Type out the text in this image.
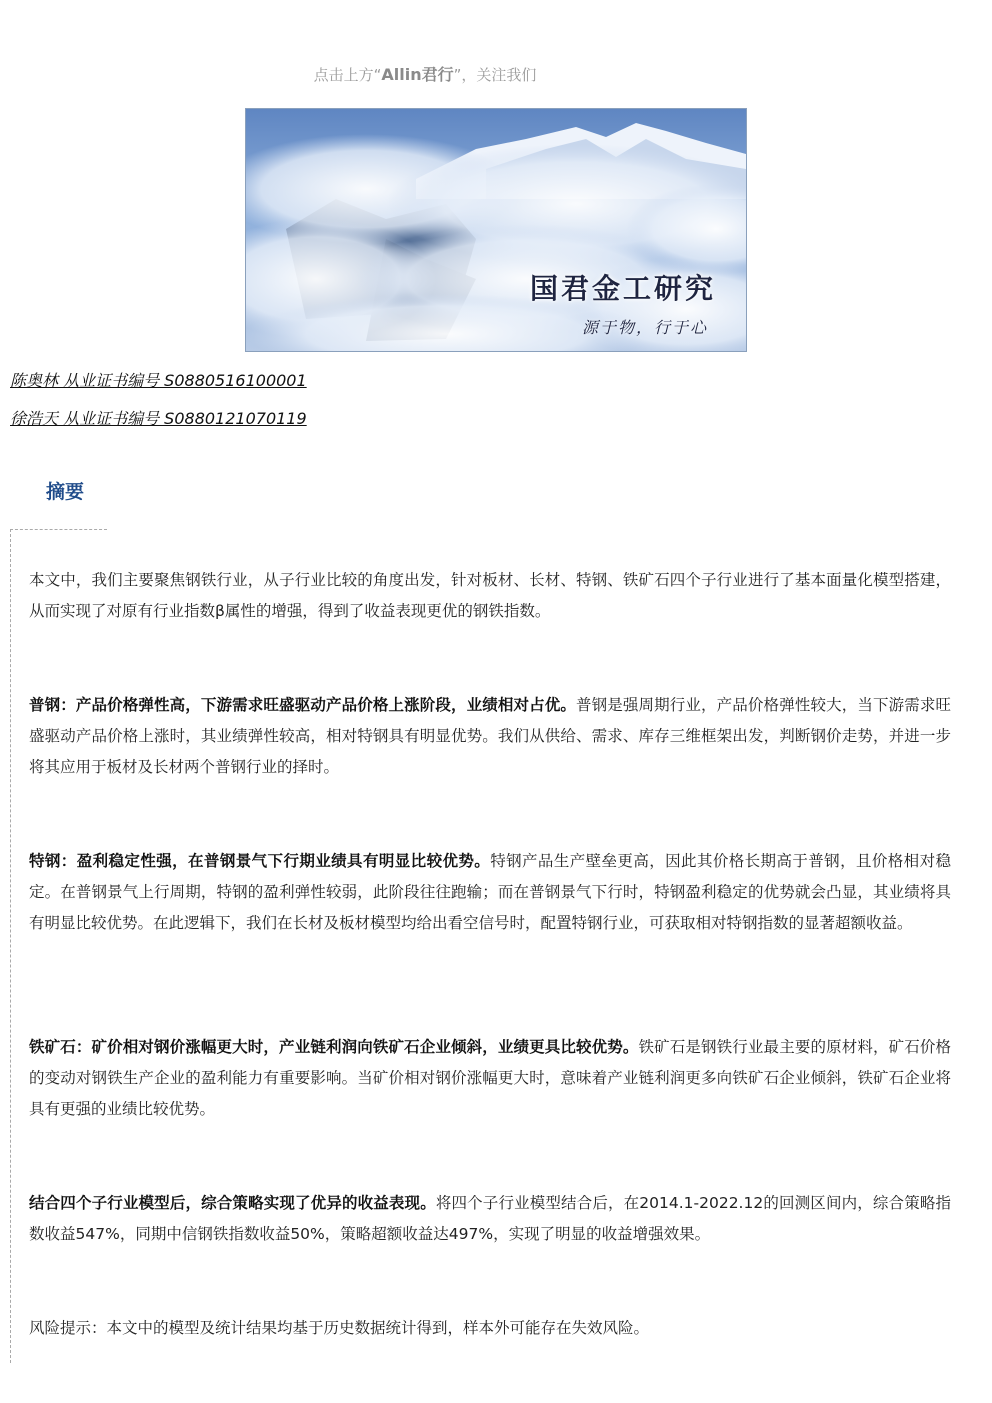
点击上方“Allin君行”，关注我们
国君金工研究
源于物，行于心
陈奥林 从业证书编号 S0880516100001
徐浩天 从业证书编号 S0880121070119
摘要
本文中，我们主要聚焦钢铁行业，从子行业比较的角度出发，针对板材、长材、特钢、铁矿石四个子行业进行了基本面量化模型搭建，从而实现了对原有行业指数β属性的增强，得到了收益表现更优的钢铁指数。
普钢：产品价格弹性高，下游需求旺盛驱动产品价格上涨阶段，业绩相对占优。普钢是强周期行业，产品价格弹性较大，当下游需求旺盛驱动产品价格上涨时，其业绩弹性较高，相对特钢具有明显优势。我们从供给、需求、库存三维框架出发，判断钢价走势，并进一步将其应用于板材及长材两个普钢行业的择时。
特钢：盈利稳定性强，在普钢景气下行期业绩具有明显比较优势。特钢产品生产壁垒更高，因此其价格长期高于普钢，且价格相对稳定。在普钢景气上行周期，特钢的盈利弹性较弱，此阶段往往跑输；而在普钢景气下行时，特钢盈利稳定的优势就会凸显，其业绩将具有明显比较优势。在此逻辑下，我们在长材及板材模型均给出看空信号时，配置特钢行业，可获取相对特钢指数的显著超额收益。
铁矿石：矿价相对钢价涨幅更大时，产业链利润向铁矿石企业倾斜，业绩更具比较优势。铁矿石是钢铁行业最主要的原材料，矿石价格的变动对钢铁生产企业的盈利能力有重要影响。当矿价相对钢价涨幅更大时，意味着产业链利润更多向铁矿石企业倾斜，铁矿石企业将具有更强的业绩比较优势。
结合四个子行业模型后，综合策略实现了优异的收益表现。将四个子行业模型结合后，在2014.1-2022.12的回测区间内，综合策略指数收益547%，同期中信钢铁指数收益50%，策略超额收益达497%，实现了明显的收益增强效果。
风险提示：本文中的模型及统计结果均基于历史数据统计得到，样本外可能存在失效风险。
